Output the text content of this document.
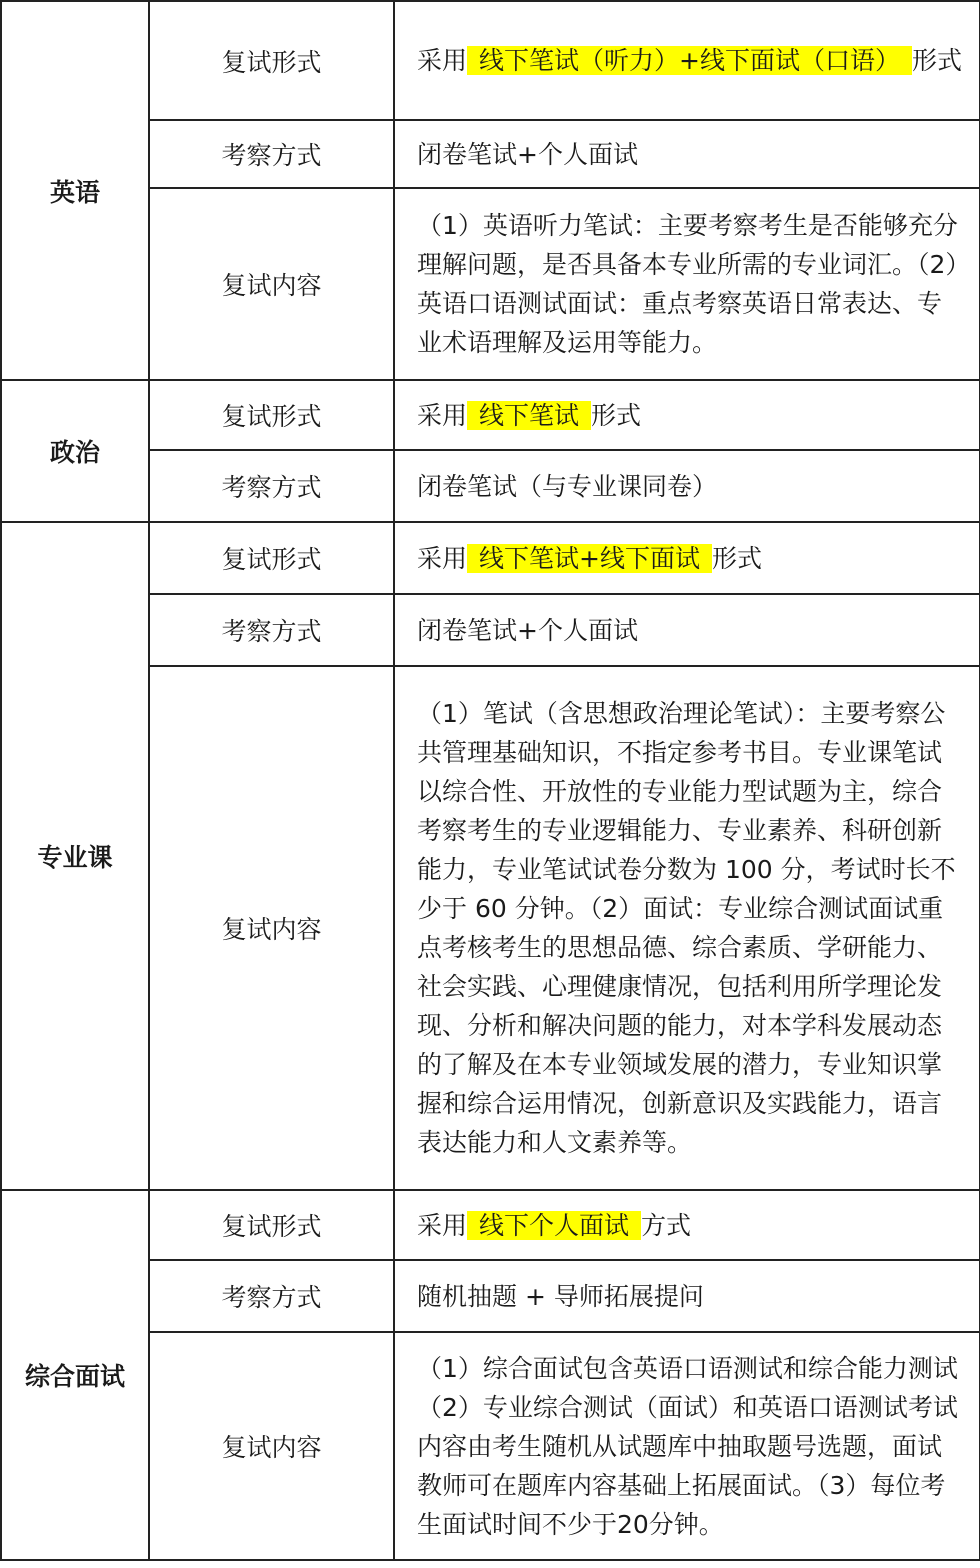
英语	复试形式	采用 线下笔试（听力）+线下面试（口语） 形式
	考察方式	闭卷笔试+个人面试
	复试内容	（1）英语听力笔试：主要考察考生是否能够充分理解问题，是否具备本专业所需的专业词汇。（2）英语口语测试面试：重点考察英语日常表达、专业术语理解及运用等能力。
政治	复试形式	采用 线下笔试 形式
	考察方式	闭卷笔试（与专业课同卷）
专业课	复试形式	采用 线下笔试+线下面试 形式
	考察方式	闭卷笔试+个人面试
	复试内容	（1）笔试（含思想政治理论笔试）：主要考察公共管理基础知识，不指定参考书目。专业课笔试以综合性、开放性的专业能力型试题为主，综合考察考生的专业逻辑能力、专业素养、科研创新能力，专业笔试试卷分数为 100 分，考试时长不少于 60 分钟。（2）面试：专业综合测试面试重点考核考生的思想品德、综合素质、学研能力、社会实践、心理健康情况，包括利用所学理论发现、分析和解决问题的能力，对本学科发展动态的了解及在本专业领域发展的潜力，专业知识掌握和综合运用情况，创新意识及实践能力，语言表达能力和人文素养等。
综合面试	复试形式	采用 线下个人面试 方式
	考察方式	随机抽题 + 导师拓展提问
	复试内容	（1）综合面试包含英语口语测试和综合能力测试（2）专业综合测试（面试）和英语口语测试考试内容由考生随机从试题库中抽取题号选题，面试教师可在题库内容基础上拓展面试。（3）每位考生面试时间不少于20分钟。
